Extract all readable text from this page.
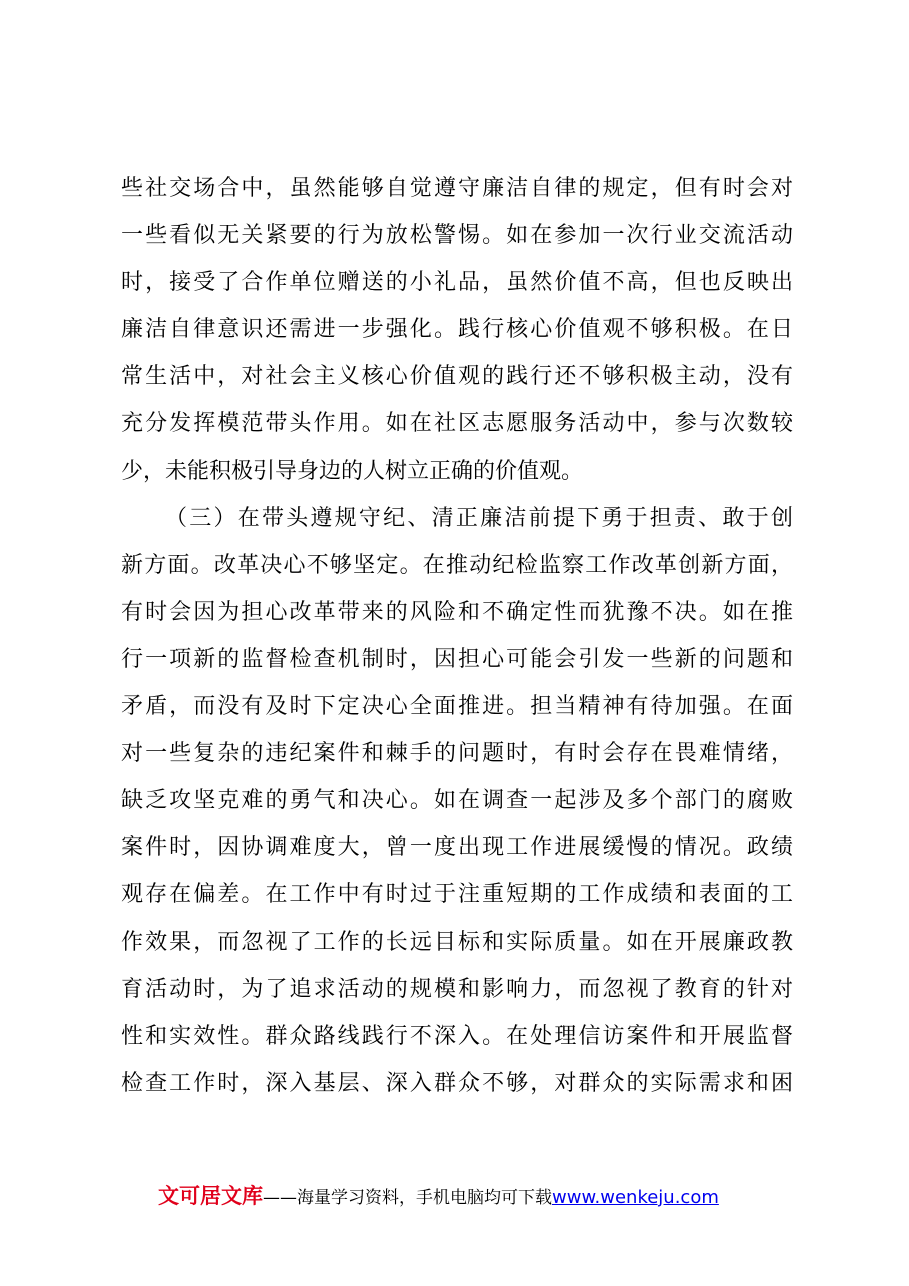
些社交场合中，虽然能够自觉遵守廉洁自律的规定，但有时会对
一些看似无关紧要的行为放松警惕。如在参加一次行业交流活动
时，接受了合作单位赠送的小礼品，虽然价值不高，但也反映出
廉洁自律意识还需进一步强化。践行核心价值观不够积极。在日
常生活中，对社会主义核心价值观的践行还不够积极主动，没有
充分发挥模范带头作用。如在社区志愿服务活动中，参与次数较
少，未能积极引导身边的人树立正确的价值观。
（三）在带头遵规守纪、清正廉洁前提下勇于担责、敢于创
新方面。改革决心不够坚定。在推动纪检监察工作改革创新方面，
有时会因为担心改革带来的风险和不确定性而犹豫不决。如在推
行一项新的监督检查机制时，因担心可能会引发一些新的问题和
矛盾，而没有及时下定决心全面推进。担当精神有待加强。在面
对一些复杂的违纪案件和棘手的问题时，有时会存在畏难情绪，
缺乏攻坚克难的勇气和决心。如在调查一起涉及多个部门的腐败
案件时，因协调难度大，曾一度出现工作进展缓慢的情况。政绩
观存在偏差。在工作中有时过于注重短期的工作成绩和表面的工
作效果，而忽视了工作的长远目标和实际质量。如在开展廉政教
育活动时，为了追求活动的规模和影响力，而忽视了教育的针对
性和实效性。群众路线践行不深入。在处理信访案件和开展监督
检查工作时，深入基层、深入群众不够，对群众的实际需求和困
文可居文库——海量学习资料，手机电脑均可下载www.wenkeju.com
